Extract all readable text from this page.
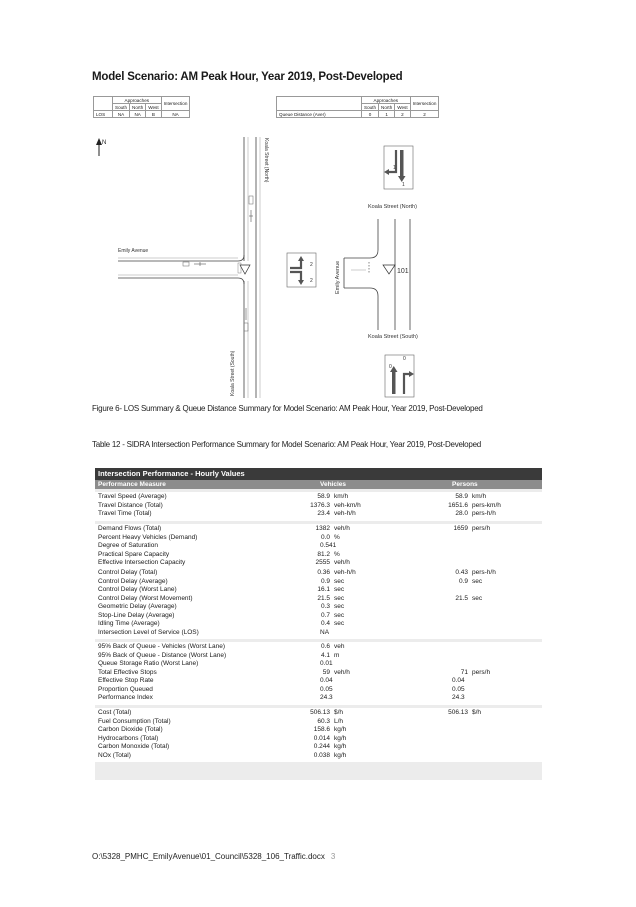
Model Scenario: AM Peak Hour, Year 2019, Post-Developed
	Approaches			Intersection
	South	North	West	
LOS	NA	NA	B	NA
	Approaches			Intersection
	South	North	West	
Queue Distance (Aver)	0	1	2	2
N	Koala Street (North)
Emily Avenue
Koala Street (South)
1
1
2
2
0
0
Koala Street (North)
Emily Avenue
Koala Street (South)
101
Figure 6- LOS Summary & Queue Distance Summary for Model Scenario: AM Peak Hour, Year 2019, Post-Developed
Table 12 - SIDRA Intersection Performance Summary for Model Scenario: AM Peak Hour, Year 2019, Post-Developed
Intersection Performance - Hourly Values
Performance Measure	Vehicles	Persons
Travel Speed (Average)	58.9 km/h	58.9 km/h
Travel Distance (Total)	1376.3 veh-km/h	1651.6 pers-km/h
Travel Time (Total)	23.4 veh-h/h	28.0 pers-h/h
Demand Flows (Total)	1382 veh/h	1659 pers/h
Percent Heavy Vehicles (Demand)	0.0 %
Degree of Saturation	0.541
Practical Spare Capacity	81.2 %
Effective Intersection Capacity	2555 veh/h
Control Delay (Total)	0.36 veh-h/h	0.43 pers-h/h
Control Delay (Average)	0.9 sec	0.9 sec
Control Delay (Worst Lane)	16.1 sec
Control Delay (Worst Movement)	21.5 sec	21.5 sec
Geometric Delay (Average)	0.3 sec
Stop-Line Delay (Average)	0.7 sec
Idling Time (Average)	0.4 sec
Intersection Level of Service (LOS)	NA
95% Back of Queue - Vehicles (Worst Lane)	0.6 veh
95% Back of Queue - Distance (Worst Lane)	4.1 m
Queue Storage Ratio (Worst Lane)	0.01
Total Effective Stops	59 veh/h	71 pers/h
Effective Stop Rate	0.04	0.04
Proportion Queued	0.05	0.05
Performance Index	24.3	24.3
Cost (Total)	506.13 $/h	506.13 $/h
Fuel Consumption (Total)	60.3 L/h
Carbon Dioxide (Total)	158.6 kg/h
Hydrocarbons (Total)	0.014 kg/h
Carbon Monoxide (Total)	0.244 kg/h
NOx (Total)	0.038 kg/h
O:\5328_PMHC_EmilyAvenue\01_Council\5328_106_Traffic.docx 3
